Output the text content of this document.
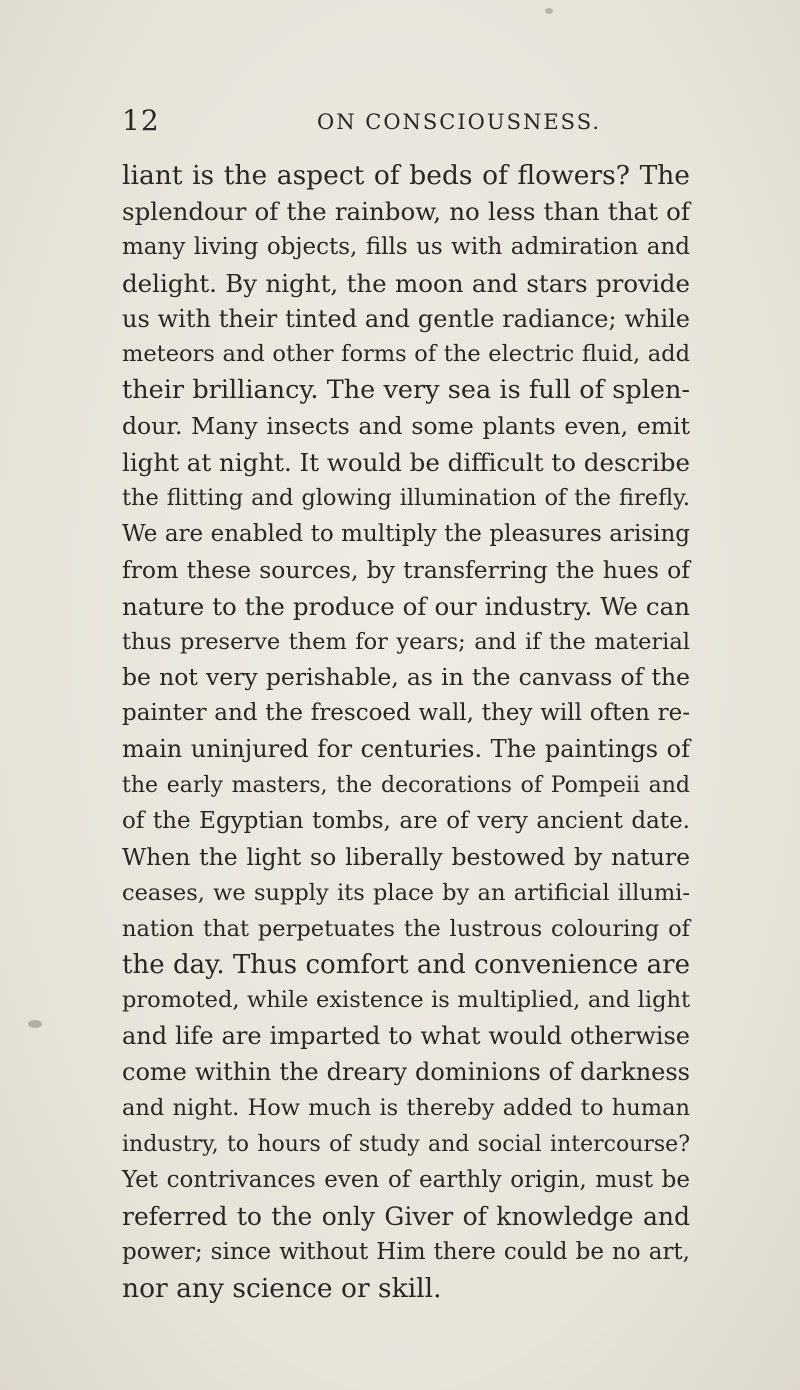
12	ON CONSCIOUSNESS.
liant is the aspect of beds of flowers? The
splendour of the rainbow, no less than that of
many living objects, fills us with admiration and
delight. By night, the moon and stars provide
us with their tinted and gentle radiance; while
meteors and other forms of the electric fluid, add
their brilliancy. The very sea is full of splen-
dour. Many insects and some plants even, emit
light at night. It would be difficult to describe
the flitting and glowing illumination of the firefly.
We are enabled to multiply the pleasures arising
from these sources, by transferring the hues of
nature to the produce of our industry. We can
thus preserve them for years; and if the material
be not very perishable, as in the canvass of the
painter and the frescoed wall, they will often re-
main uninjured for centuries. The paintings of
the early masters, the decorations of Pompeii and
of the Egyptian tombs, are of very ancient date.
When the light so liberally bestowed by nature
ceases, we supply its place by an artificial illumi-
nation that perpetuates the lustrous colouring of
the day. Thus comfort and convenience are
promoted, while existence is multiplied, and light
and life are imparted to what would otherwise
come within the dreary dominions of darkness
and night. How much is thereby added to human
industry, to hours of study and social intercourse?
Yet contrivances even of earthly origin, must be
referred to the only Giver of knowledge and
power; since without Him there could be no art,
nor any science or skill.
